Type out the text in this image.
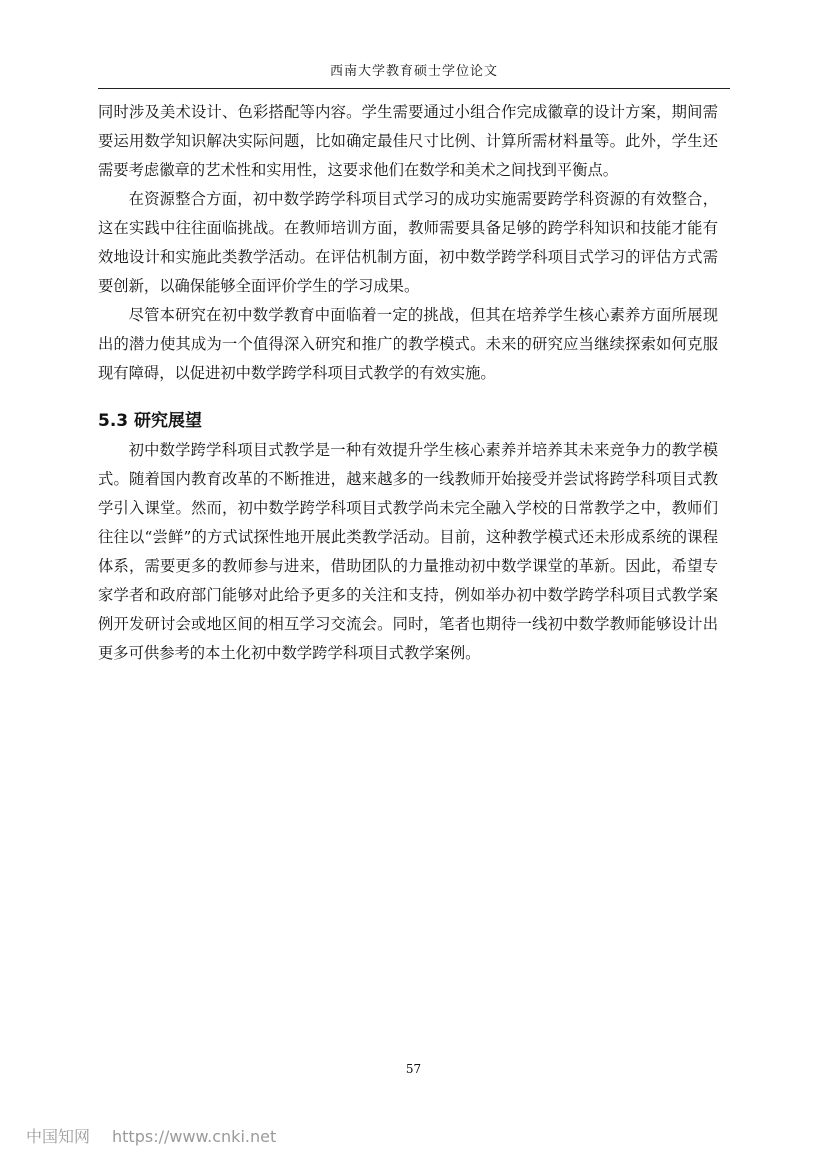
西南大学教育硕士学位论文

同时涉及美术设计、色彩搭配等内容。学生需要通过小组合作完成徽章的设计方案，期间需要运用数学知识解决实际问题，比如确定最佳尺寸比例、计算所需材料量等。此外，学生还需要考虑徽章的艺术性和实用性，这要求他们在数学和美术之间找到平衡点。

在资源整合方面，初中数学跨学科项目式学习的成功实施需要跨学科资源的有效整合，这在实践中往往面临挑战。在教师培训方面，教师需要具备足够的跨学科知识和技能才能有效地设计和实施此类教学活动。在评估机制方面，初中数学跨学科项目式学习的评估方式需要创新，以确保能够全面评价学生的学习成果。

尽管本研究在初中数学教育中面临着一定的挑战，但其在培养学生核心素养方面所展现出的潜力使其成为一个值得深入研究和推广的教学模式。未来的研究应当继续探索如何克服现有障碍，以促进初中数学跨学科项目式教学的有效实施。

5.3 研究展望

初中数学跨学科项目式教学是一种有效提升学生核心素养并培养其未来竞争力的教学模式。随着国内教育改革的不断推进，越来越多的一线教师开始接受并尝试将跨学科项目式教学引入课堂。然而，初中数学跨学科项目式教学尚未完全融入学校的日常教学之中，教师们往往以“尝鲜”的方式试探性地开展此类教学活动。目前，这种教学模式还未形成系统的课程体系，需要更多的教师参与进来，借助团队的力量推动初中数学课堂的革新。因此，希望专家学者和政府部门能够对此给予更多的关注和支持，例如举办初中数学跨学科项目式教学案例开发研讨会或地区间的相互学习交流会。同时，笔者也期待一线初中数学教师能够设计出更多可供参考的本土化初中数学跨学科项目式教学案例。

57
中国知网 https://www.cnki.net
